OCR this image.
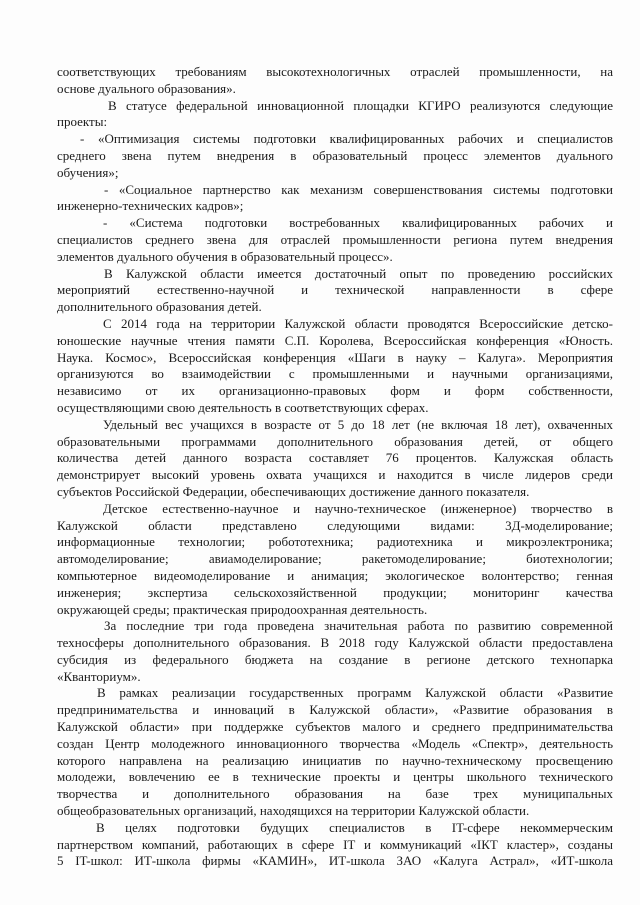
соответствующих требованиям высокотехнологичных отраслей промышленности, на
основе дуального образования».
В статусе федеральной инновационной площадки КГИРО реализуются следующие
проекты:
- «Оптимизация системы подготовки квалифицированных рабочих и специалистов
среднего звена путем внедрения в образовательный процесс элементов дуального
обучения»;
- «Социальное партнерство как механизм совершенствования системы подготовки
инженерно-технических кадров»;
- «Система подготовки востребованных квалифицированных рабочих и
специалистов среднего звена для отраслей промышленности региона путем внедрения
элементов дуального обучения в образовательный процесс».
В Калужской области имеется достаточный опыт по проведению российских
мероприятий естественно-научной и технической направленности в сфере
дополнительного образования детей.
С 2014 года на территории Калужской области проводятся Всероссийские детско-
юношеские научные чтения памяти С.П. Королева, Всероссийская конференция «Юность.
Наука. Космос», Всероссийская конференция «Шаги в науку – Калуга». Мероприятия
организуются во взаимодействии с промышленными и научными организациями,
независимо от их организационно-правовых форм и форм собственности,
осуществляющими свою деятельность в соответствующих сферах.
Удельный вес учащихся в возрасте от 5 до 18 лет (не включая 18 лет), охваченных
образовательными программами дополнительного образования детей, от общего
количества детей данного возраста составляет 76 процентов. Калужская область
демонстрирует высокий уровень охвата учащихся и находится в числе лидеров среди
субъектов Российской Федерации, обеспечивающих достижение данного показателя.
Детское естественно-научное и научно-техническое (инженерное) творчество в
Калужской области представлено следующими видами: 3Д-моделирование;
информационные технологии; робототехника; радиотехника и микроэлектроника;
автомоделирование; авиамоделирование; ракетомоделирование; биотехнологии;
компьютерное видеомоделирование и анимация; экологическое волонтерство; генная
инженерия; экспертиза сельскохозяйственной продукции; мониторинг качества
окружающей среды; практическая природоохранная деятельность.
За последние три года проведена значительная работа по развитию современной
техносферы дополнительного образования. В 2018 году Калужской области предоставлена
субсидия из федерального бюджета на создание в регионе детского технопарка
«Кванториум».
В рамках реализации государственных программ Калужской области «Развитие
предпринимательства и инноваций в Калужской области», «Развитие образования в
Калужской области» при поддержке субъектов малого и среднего предпринимательства
создан Центр молодежного инновационного творчества «Модель «Спектр», деятельность
которого направлена на реализацию инициатив по научно-техническому просвещению
молодежи, вовлечению ее в технические проекты и центры школьного технического
творчества и дополнительного образования на базе трех муниципальных
общеобразовательных организаций, находящихся на территории Калужской области.
В целях подготовки будущих специалистов в IT-сфере некоммерческим
партнерством компаний, работающих в сфере IT и коммуникаций «IКТ кластер», созданы
5 IT-школ: ИТ-школа фирмы «КАМИН», ИТ-школа ЗАО «Калуга Астрал», «ИТ-школа
